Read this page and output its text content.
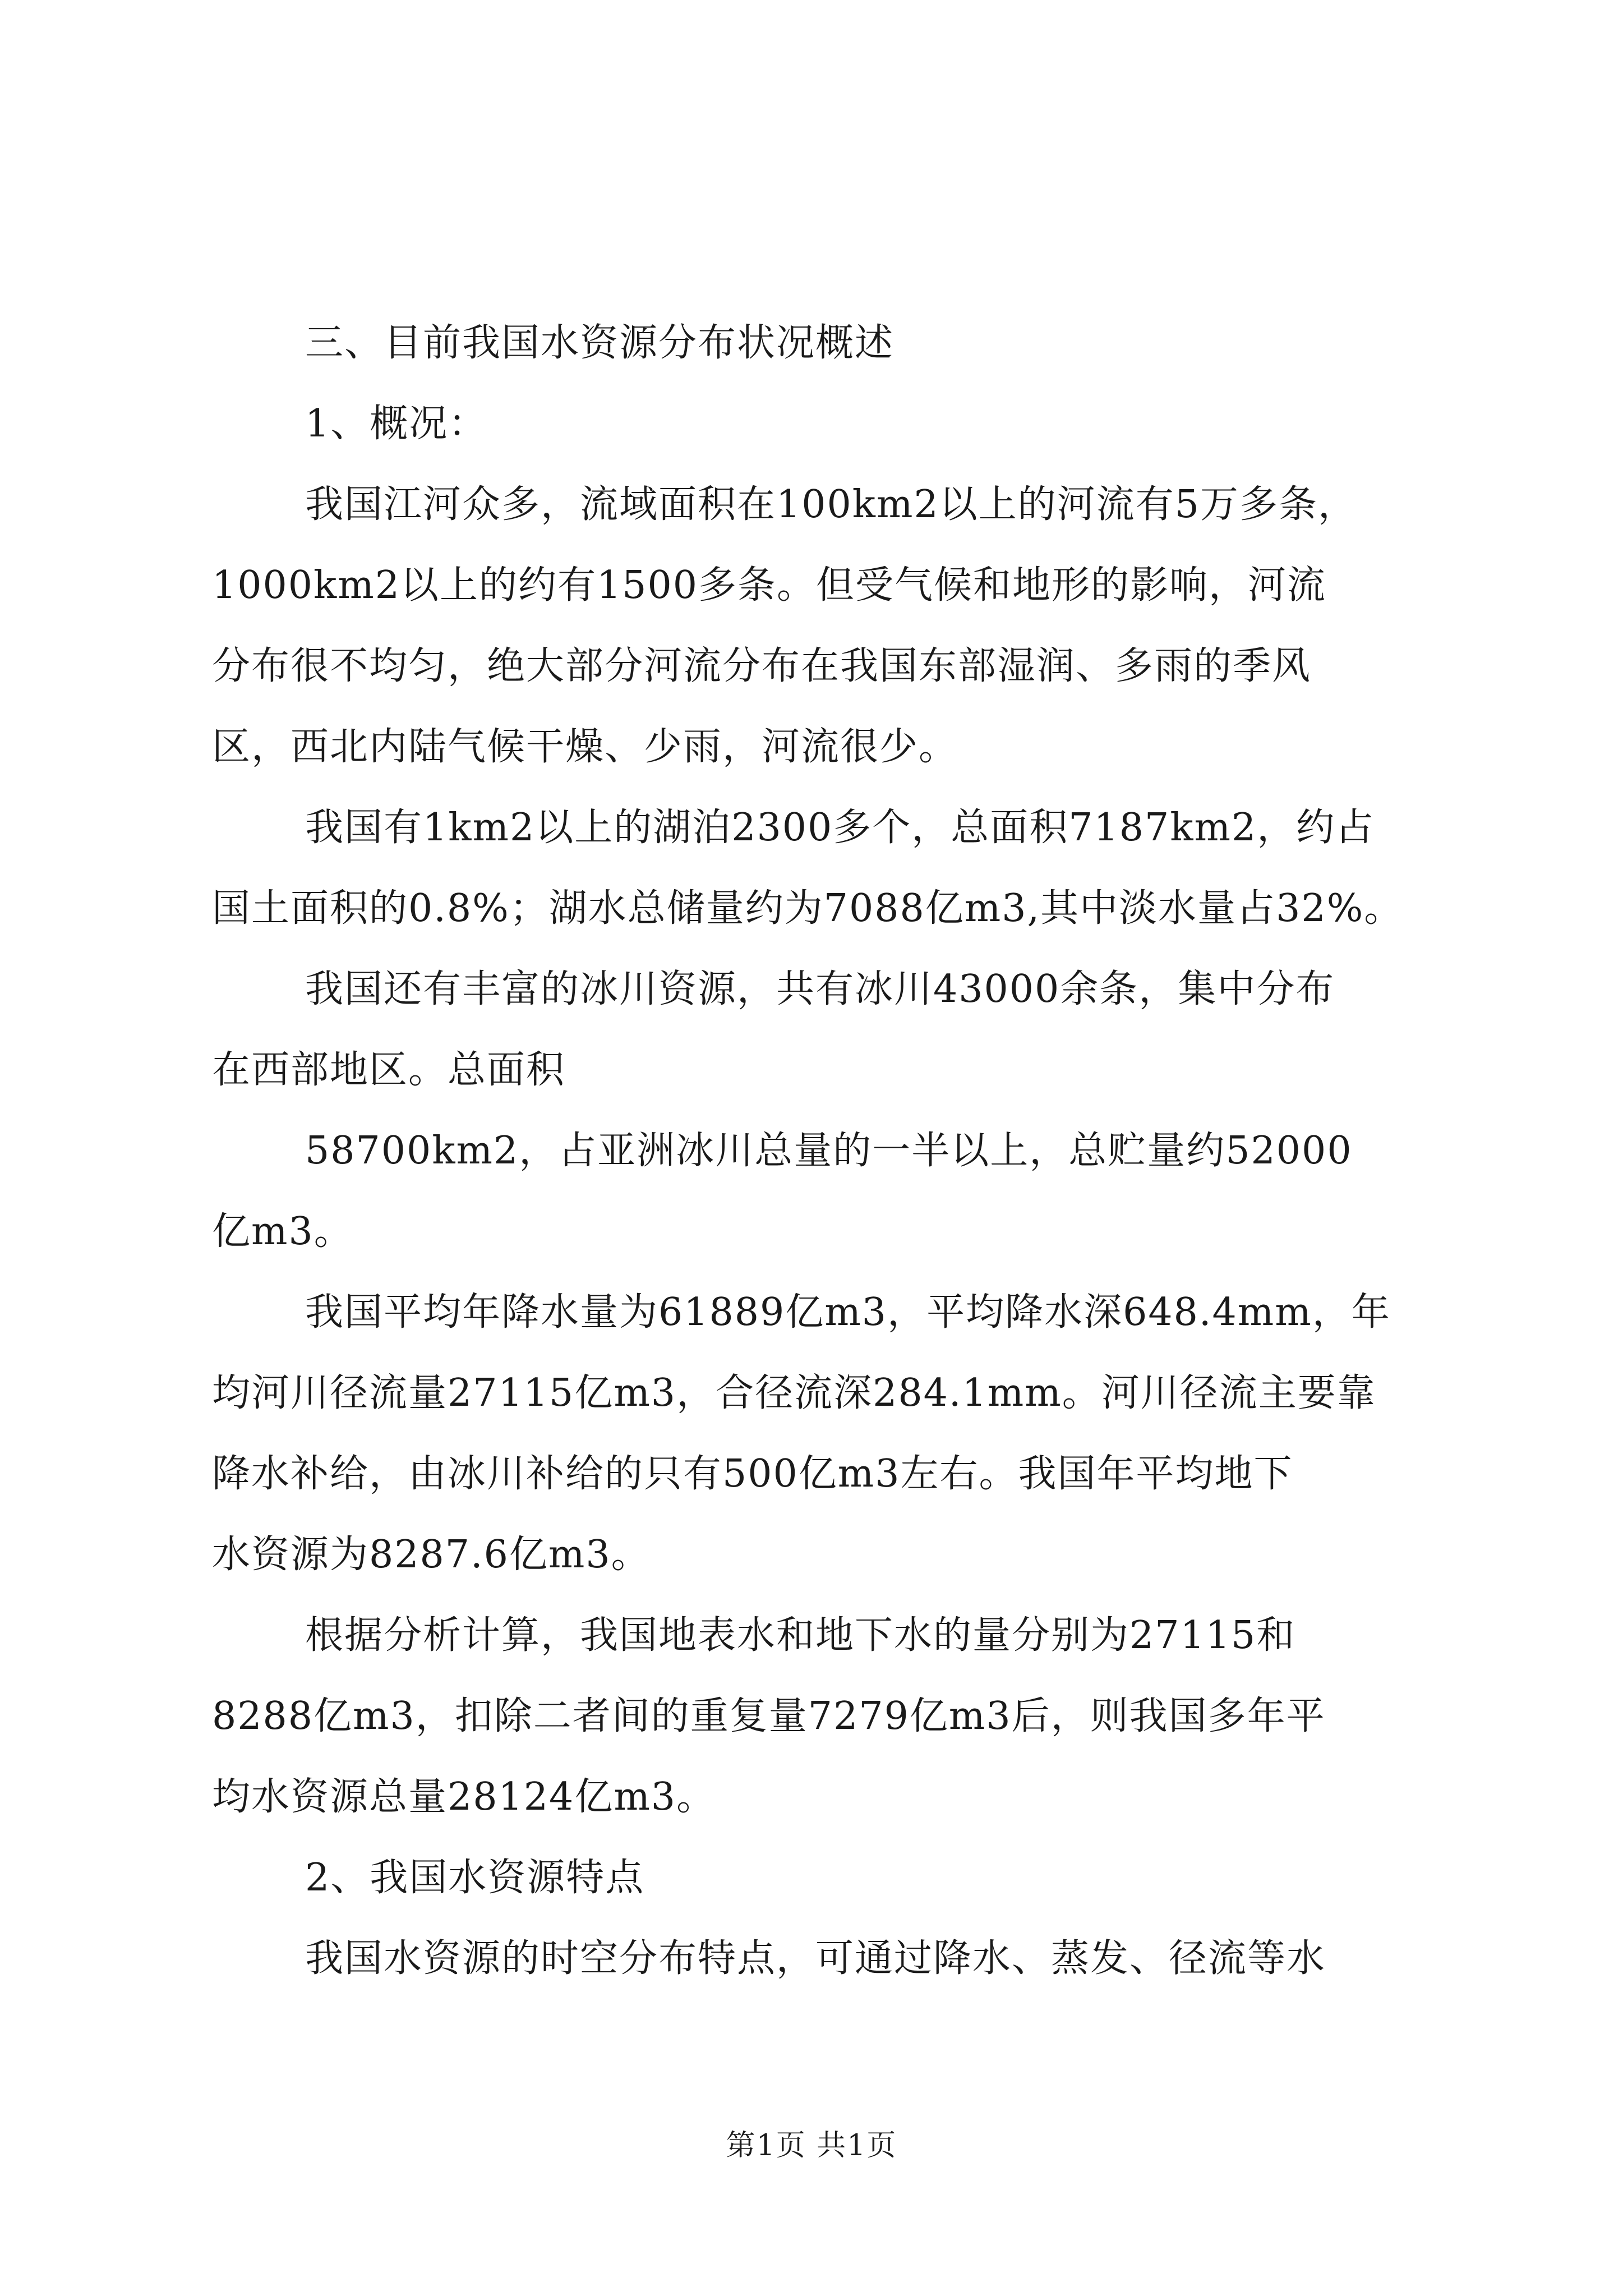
三、目前我国水资源分布状况概述
1、概况：
我国江河众多，流域面积在100km2以上的河流有5万多条，
1000km2以上的约有1500多条。但受气候和地形的影响，河流
分布很不均匀，绝大部分河流分布在我国东部湿润、多雨的季风
区，西北内陆气候干燥、少雨，河流很少。
我国有1km2以上的湖泊2300多个，总面积7187km2，约占
国土面积的0.8%；湖水总储量约为7088亿m3,其中淡水量占32%。
我国还有丰富的冰川资源，共有冰川43000余条，集中分布
在西部地区。总面积
58700km2，占亚洲冰川总量的一半以上，总贮量约52000
亿m3。
我国平均年降水量为61889亿m3，平均降水深648.4mm，年
均河川径流量27115亿m3，合径流深284.1mm。河川径流主要靠
降水补给，由冰川补给的只有500亿m3左右。我国年平均地下
水资源为8287.6亿m3。
根据分析计算，我国地表水和地下水的量分别为27115和
8288亿m3，扣除二者间的重复量7279亿m3后，则我国多年平
均水资源总量28124亿m3。
2、我国水资源特点
我国水资源的时空分布特点，可通过降水、蒸发、径流等水
第1页 共1页
